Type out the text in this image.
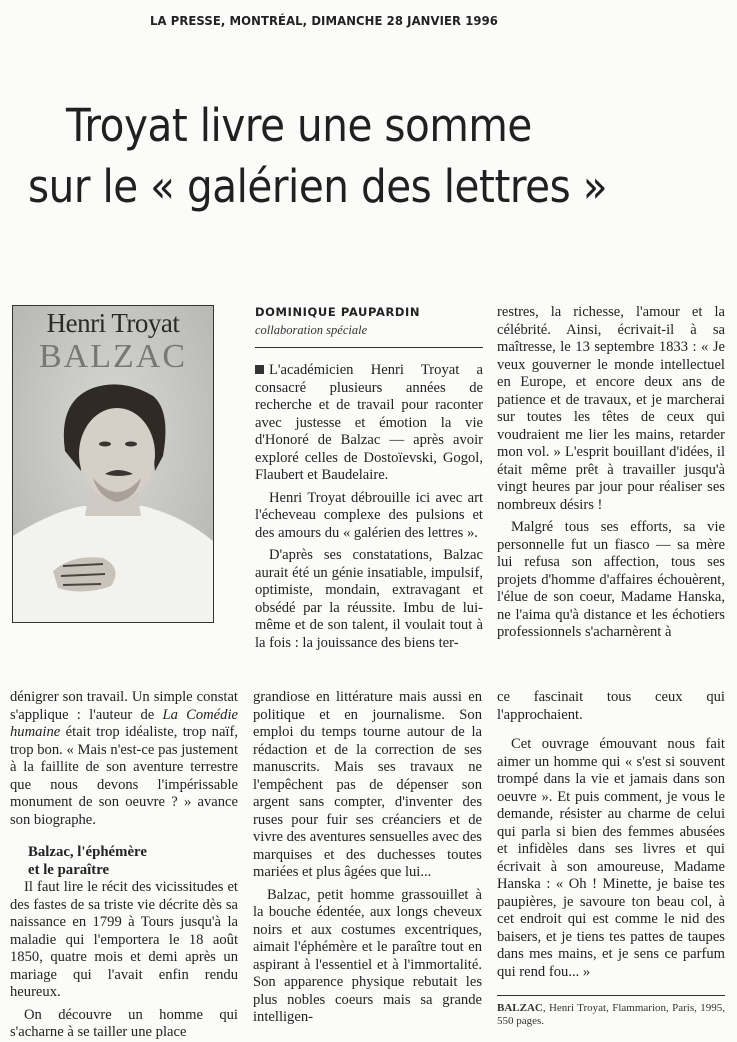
LA PRESSE, MONTRÉAL, DIMANCHE 28 JANVIER 1996
Troyat livre une somme
sur le « galérien des lettres »
Henri Troyat
BALZAC
DOMINIQUE PAUPARDIN
collaboration spéciale

L'académicien Henri Troyat a consacré plusieurs années de recherche et de travail pour raconter avec justesse et émotion la vie d'Honoré de Balzac — après avoir exploré celles de Dostoïevski, Gogol, Flaubert et Baudelaire.

Henri Troyat débrouille ici avec art l'écheveau complexe des pulsions et des amours du « galérien des lettres ».

D'après ses constatations, Balzac aurait été un génie insatiable, impulsif, optimiste, mondain, extravagant et obsédé par la réussite. Imbu de lui-même et de son talent, il voulait tout à la fois : la jouissance des biens ter-

restres, la richesse, l'amour et la célébrité. Ainsi, écrivait-il à sa maîtresse, le 13 septembre 1833 : « Je veux gouverner le monde intellectuel en Europe, et encore deux ans de patience et de travaux, et je marcherai sur toutes les têtes de ceux qui voudraient me lier les mains, retarder mon vol. » L'esprit bouillant d'idées, il était même prêt à travailler jusqu'à vingt heures par jour pour réaliser ses nombreux désirs !

Malgré tous ses efforts, sa vie personnelle fut un fiasco — sa mère lui refusa son affection, tous ses projets d'homme d'affaires échouèrent, l'élue de son coeur, Madame Hanska, ne l'aima qu'à distance et les échotiers professionnels s'acharnèrent à

dénigrer son travail. Un simple constat s'applique : l'auteur de La Comédie humaine était trop idéaliste, trop naïf, trop bon. « Mais n'est-ce pas justement à la faillite de son aventure terrestre que nous devons l'impérissable monument de son oeuvre ? » avance son biographe.

Balzac, l'éphémère
et le paraître

Il faut lire le récit des vicissitudes et des fastes de sa triste vie décrite dès sa naissance en 1799 à Tours jusqu'à la maladie qui l'emportera le 18 août 1850, quatre mois et demi après un mariage qui l'avait enfin rendu heureux.

On découvre un homme qui s'acharne à se tailler une place

grandiose en littérature mais aussi en politique et en journalisme. Son emploi du temps tourne autour de la rédaction et de la correction de ses manuscrits. Mais ses travaux ne l'empêchent pas de dépenser son argent sans compter, d'inventer des ruses pour fuir ses créanciers et de vivre des aventures sensuelles avec des marquises et des duchesses toutes mariées et plus âgées que lui...

Balzac, petit homme grassouillet à la bouche édentée, aux longs cheveux noirs et aux costumes excentriques, aimait l'éphémère et le paraître tout en aspirant à l'essentiel et à l'immortalité. Son apparence physique rebutait les plus nobles coeurs mais sa grande intelligen-

ce fascinait tous ceux qui l'approchaient.

Cet ouvrage émouvant nous fait aimer un homme qui « s'est si souvent trompé dans la vie et jamais dans son oeuvre ». Et puis comment, je vous le demande, résister au charme de celui qui parla si bien des femmes abusées et infidèles dans ses livres et qui écrivait à son amoureuse, Madame Hanska : « Oh ! Minette, je baise tes paupières, je savoure ton beau col, à cet endroit qui est comme le nid des baisers, et je tiens tes pattes de taupes dans mes mains, et je sens ce parfum qui rend fou... »

BALZAC, Henri Troyat, Flammarion, Paris, 1995, 550 pages.
